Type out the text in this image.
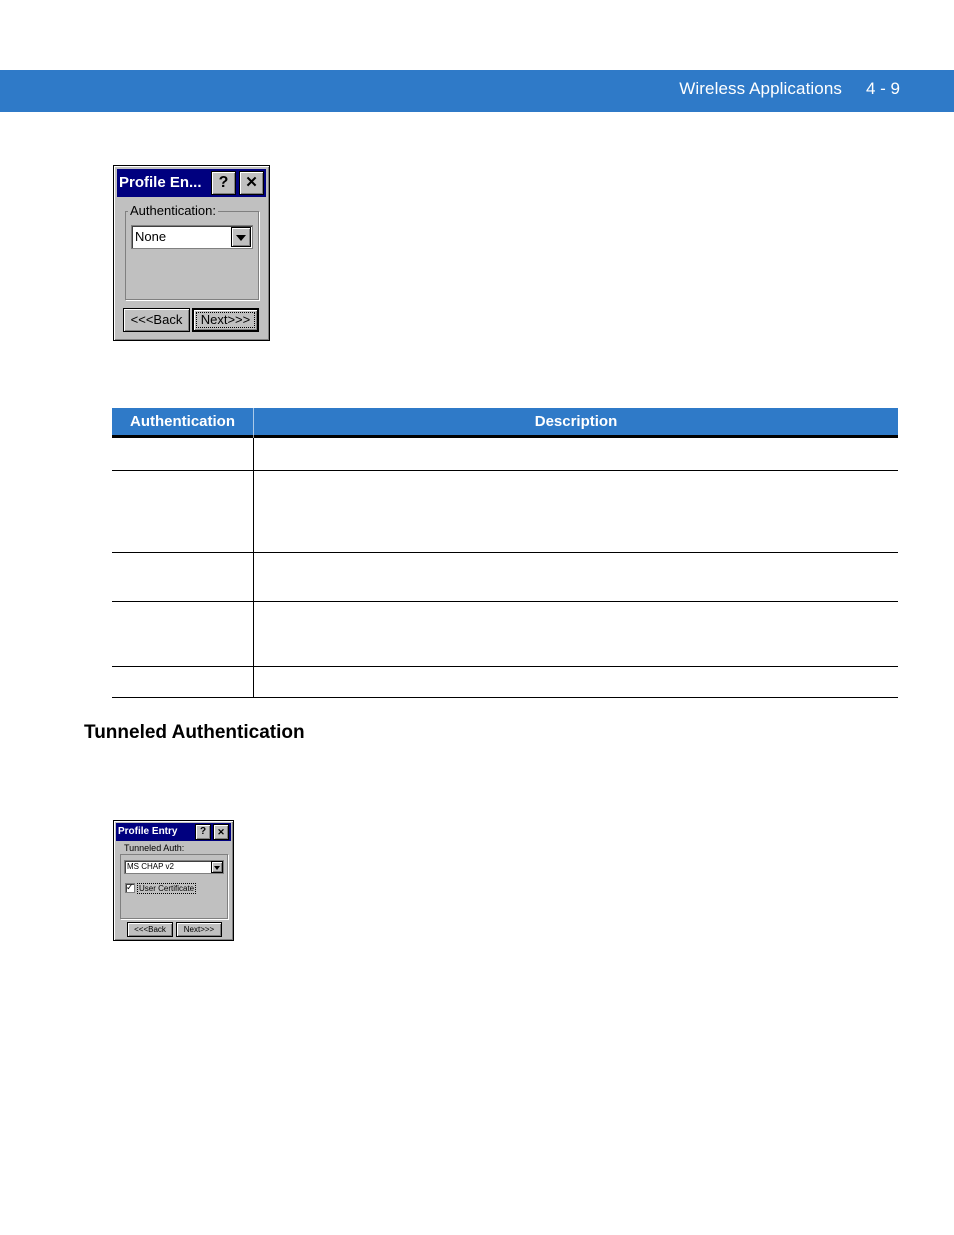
Wireless Applications 4 - 9
Profile En...	?	✕
Authentication:
None
<<<Back	Next>>>
Authentication	Description
Tunneled Authentication
Profile Entry	?	✕
Tunneled Auth:
MS CHAP v2
✓ User Certificate
<<<Back	Next>>>
